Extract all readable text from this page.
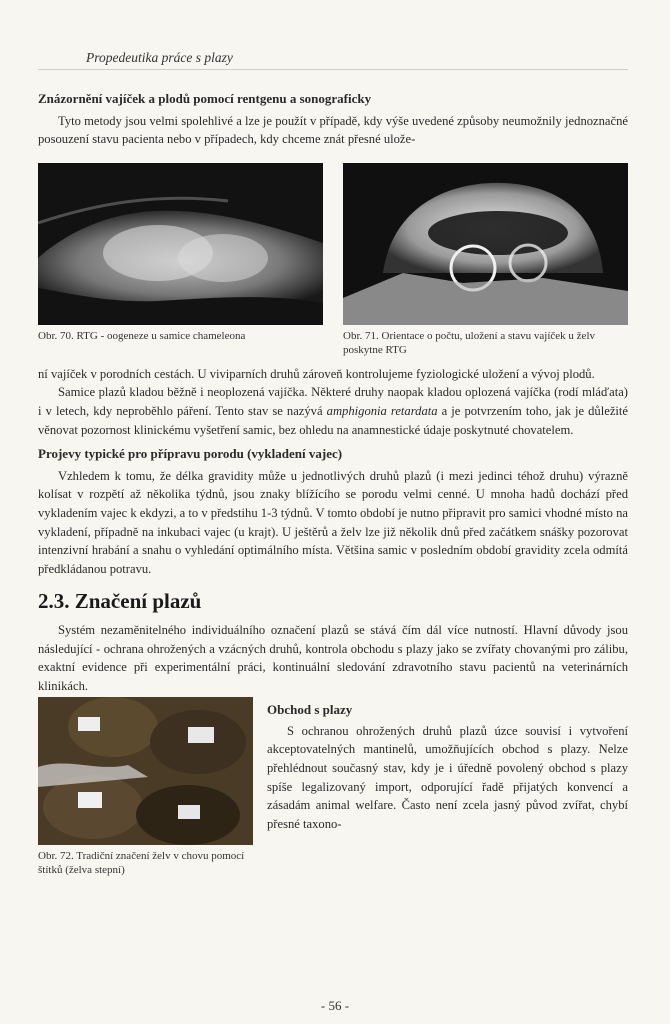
Propedeutika práce s plazy
Znázornění vajíček a plodů pomocí rentgenu a sonograficky

Tyto metody jsou velmi spolehlivé a lze je použít v případě, kdy výše uvedené způsoby neumožnily jednoznačné posouzení stavu pacienta nebo v případech, kdy chceme znát přesné ulože-

Obr. 70. RTG - oogeneze u samice chameleona	Obr. 71. Orientace o počtu, uložení a stavu vajíček u želv poskytne RTG

ní vajíček v porodních cestách. U viviparních druhů zároveň kontrolujeme fyziologické uložení a vývoj plodů.

Samice plazů kladou běžně i neoplozená vajíčka. Některé druhy naopak kladou oplozená vajíčka (rodí mláďata) i v letech, kdy neproběhlo páření. Tento stav se nazývá amphigonia retardata a je potvrzením toho, jak je důležité věnovat pozornost klinickému vyšetření samic, bez ohledu na anamnestické údaje poskytnuté chovatelem.

Projevy typické pro přípravu porodu (vykladení vajec)

Vzhledem k tomu, že délka gravidity může u jednotlivých druhů plazů (i mezi jedinci téhož druhu) výrazně kolísat v rozpětí až několika týdnů, jsou znaky blížícího se porodu velmi cenné. U mnoha hadů dochází před vykladením vajec k ekdyzi, a to v předstihu 1-3 týdnů. V tomto období je nutno připravit pro samici vhodné místo na vykladení, případně na inkubaci vajec (u krajt). U ještěrů a želv lze již několik dnů před začátkem snášky pozorovat intenzivní hrabání a snahu o vyhledání optimálního místa. Většina samic v posledním období gravidity zcela odmítá předkládanou potravu.

2.3. Značení plazů

Systém nezaměnitelného individuálního označení plazů se stává čím dál více nutností. Hlavní důvody jsou následující - ochrana ohrožených a vzácných druhů, kontrola obchodu s plazy jako se zvířaty chovanými pro zálibu, exaktní evidence při experimentální práci, kontinuální sledování zdravotního stavu pacientů na veterinárních klinikách.

Obr. 72. Tradiční značení želv v chovu pomocí štítků (želva stepní)
Obchod s plazy

S ochranou ohrožených druhů plazů úzce souvisí i vytvoření akceptovatelných mantinelů, umožňujících obchod s plazy. Nelze přehlédnout současný stav, kdy je i úředně povolený obchod s plazy spíše legalizovaný import, odporující řadě přijatých konvencí a zásadám animal welfare. Často není zcela jasný původ zvířat, chybí přesné taxono-

- 56 -
